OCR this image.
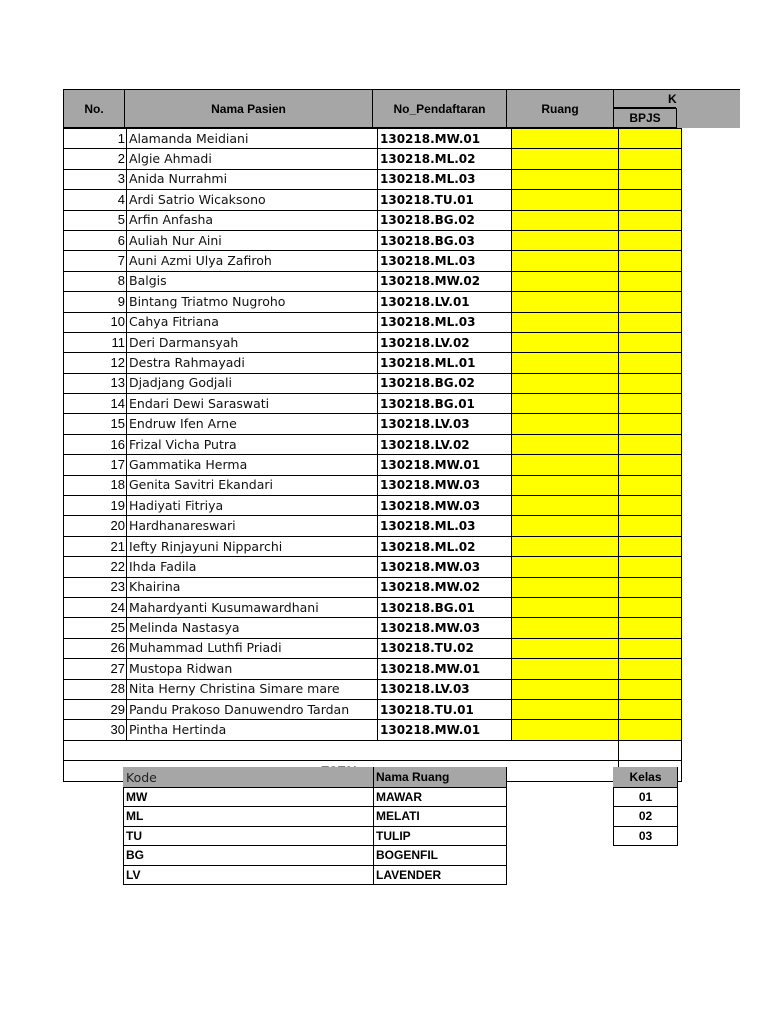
No.	Nama Pasien	No_Pendaftaran	Ruang
K
BPJS
1	Alamanda Meidiani	130218.MW.01		
2	Algie Ahmadi	130218.ML.02		
3	Anida Nurrahmi	130218.ML.03		
4	Ardi Satrio Wicaksono	130218.TU.01		
5	Arfin Anfasha	130218.BG.02		
6	Auliah Nur Aini	130218.BG.03		
7	Auni Azmi Ulya Zafiroh	130218.ML.03		
8	Balgis	130218.MW.02		
9	Bintang Triatmo Nugroho	130218.LV.01		
10	Cahya Fitriana	130218.ML.03		
11	Deri Darmansyah	130218.LV.02		
12	Destra Rahmayadi	130218.ML.01		
13	Djadjang Godjali	130218.BG.02		
14	Endari Dewi Saraswati	130218.BG.01		
15	Endruw Ifen Arne	130218.LV.03		
16	Frizal Vicha Putra	130218.LV.02		
17	Gammatika Herma	130218.MW.01		
18	Genita Savitri Ekandari	130218.MW.03		
19	Hadiyati Fitriya	130218.MW.03		
20	Hardhanareswari	130218.ML.03		
21	Iefty Rinjayuni Nipparchi	130218.ML.02		
22	Ihda Fadila	130218.MW.03		
23	Khairina	130218.MW.02		
24	Mahardyanti Kusumawardhani	130218.BG.01		
25	Melinda Nastasya	130218.MW.03		
26	Muhammad Luthfi Priadi	130218.TU.02		
27	Mustopa Ridwan	130218.MW.01		
28	Nita Herny Christina Simare mare	130218.LV.03		
29	Pandu Prakoso Danuwendro Tardan	130218.TU.01		
30	Pintha Hertinda	130218.MW.01		

Kode	Nama Ruang
MW	MAWAR
ML	MELATI
TU	TULIP
BG	BOGENFIL
LV	LAVENDER
Kelas
01
02
03
